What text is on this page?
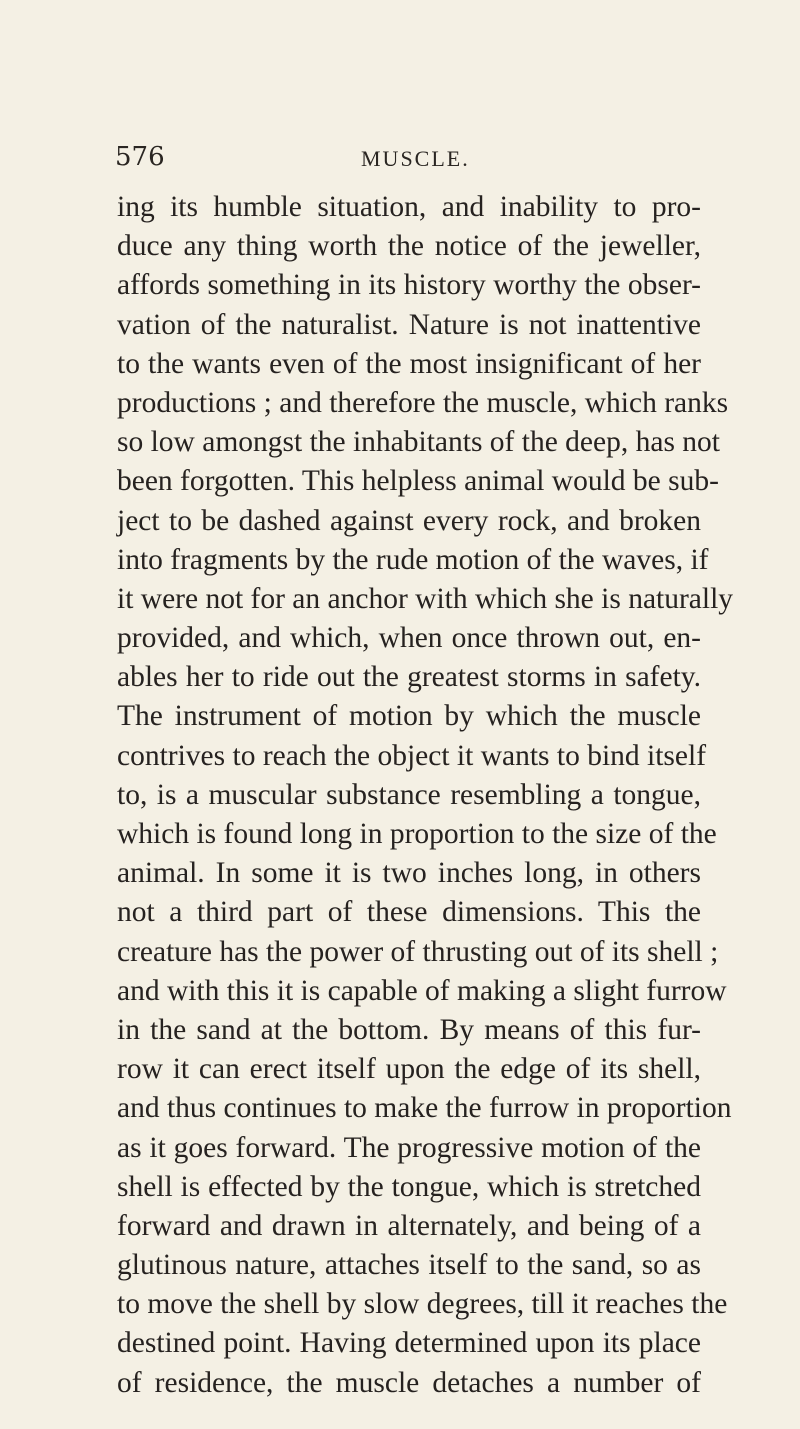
576	MUSCLE.
ing its humble situation, and inability to pro-
duce any thing worth the notice of the jeweller,
affords something in its history worthy the obser-
vation of the naturalist. Nature is not inattentive
to the wants even of the most insignificant of her
productions ; and therefore the muscle, which ranks
so low amongst the inhabitants of the deep, has not
been forgotten. This helpless animal would be sub-
ject to be dashed against every rock, and broken
into fragments by the rude motion of the waves, if
it were not for an anchor with which she is naturally
provided, and which, when once thrown out, en-
ables her to ride out the greatest storms in safety.
The instrument of motion by which the muscle
contrives to reach the object it wants to bind itself
to, is a muscular substance resembling a tongue,
which is found long in proportion to the size of the
animal. In some it is two inches long, in others
not a third part of these dimensions. This the
creature has the power of thrusting out of its shell ;
and with this it is capable of making a slight furrow
in the sand at the bottom. By means of this fur-
row it can erect itself upon the edge of its shell,
and thus continues to make the furrow in proportion
as it goes forward. The progressive motion of the
shell is effected by the tongue, which is stretched
forward and drawn in alternately, and being of a
glutinous nature, attaches itself to the sand, so as
to move the shell by slow degrees, till it reaches the
destined point. Having determined upon its place
of residence, the muscle detaches a number of
